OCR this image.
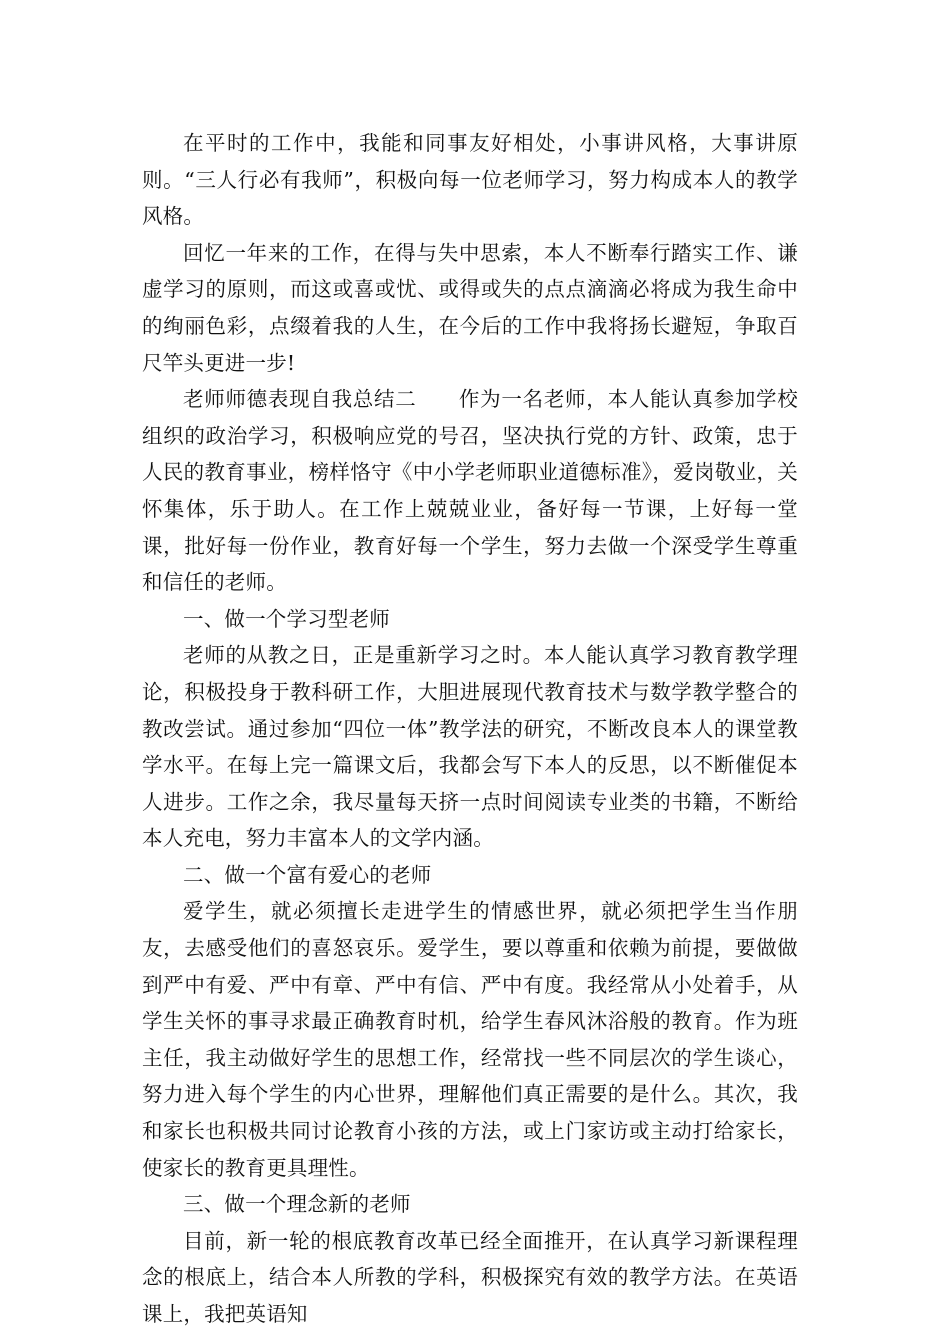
在平时的工作中，我能和同事友好相处，小事讲风格，大事讲原则。“三人行必有我师”，积极向每一位老师学习，努力构成本人的教学风格。

回忆一年来的工作，在得与失中思索，本人不断奉行踏实工作、谦虚学习的原则，而这或喜或忧、或得或失的点点滴滴必将成为我生命中的绚丽色彩，点缀着我的人生，在今后的工作中我将扬长避短，争取百尺竿头更进一步!

老师师德表现自我总结二　　作为一名老师，本人能认真参加学校组织的政治学习，积极响应党的号召，坚决执行党的方针、政策，忠于人民的教育事业，榜样恪守《中小学老师职业道德标准》，爱岗敬业，关怀集体，乐于助人。在工作上兢兢业业，备好每一节课，上好每一堂课，批好每一份作业，教育好每一个学生，努力去做一个深受学生尊重和信任的老师。

一、做一个学习型老师

老师的从教之日，正是重新学习之时。本人能认真学习教育教学理论，积极投身于教科研工作，大胆进展现代教育技术与数学教学整合的教改尝试。通过参加“四位一体”教学法的研究，不断改良本人的课堂教学水平。在每上完一篇课文后，我都会写下本人的反思，以不断催促本人进步。工作之余，我尽量每天挤一点时间阅读专业类的书籍，不断给本人充电，努力丰富本人的文学内涵。

二、做一个富有爱心的老师

爱学生，就必须擅长走进学生的情感世界，就必须把学生当作朋友，去感受他们的喜怒哀乐。爱学生，要以尊重和依赖为前提，要做做到严中有爱、严中有章、严中有信、严中有度。我经常从小处着手，从学生关怀的事寻求最正确教育时机，给学生春风沐浴般的教育。作为班主任，我主动做好学生的思想工作，经常找一些不同层次的学生谈心，努力进入每个学生的内心世界，理解他们真正需要的是什么。其次，我和家长也积极共同讨论教育小孩的方法，或上门家访或主动打给家长，使家长的教育更具理性。

三、做一个理念新的老师

目前，新一轮的根底教育改革已经全面推开，在认真学习新课程理念的根底上，结合本人所教的学科，积极探究有效的教学方法。在英语课上，我把英语知
